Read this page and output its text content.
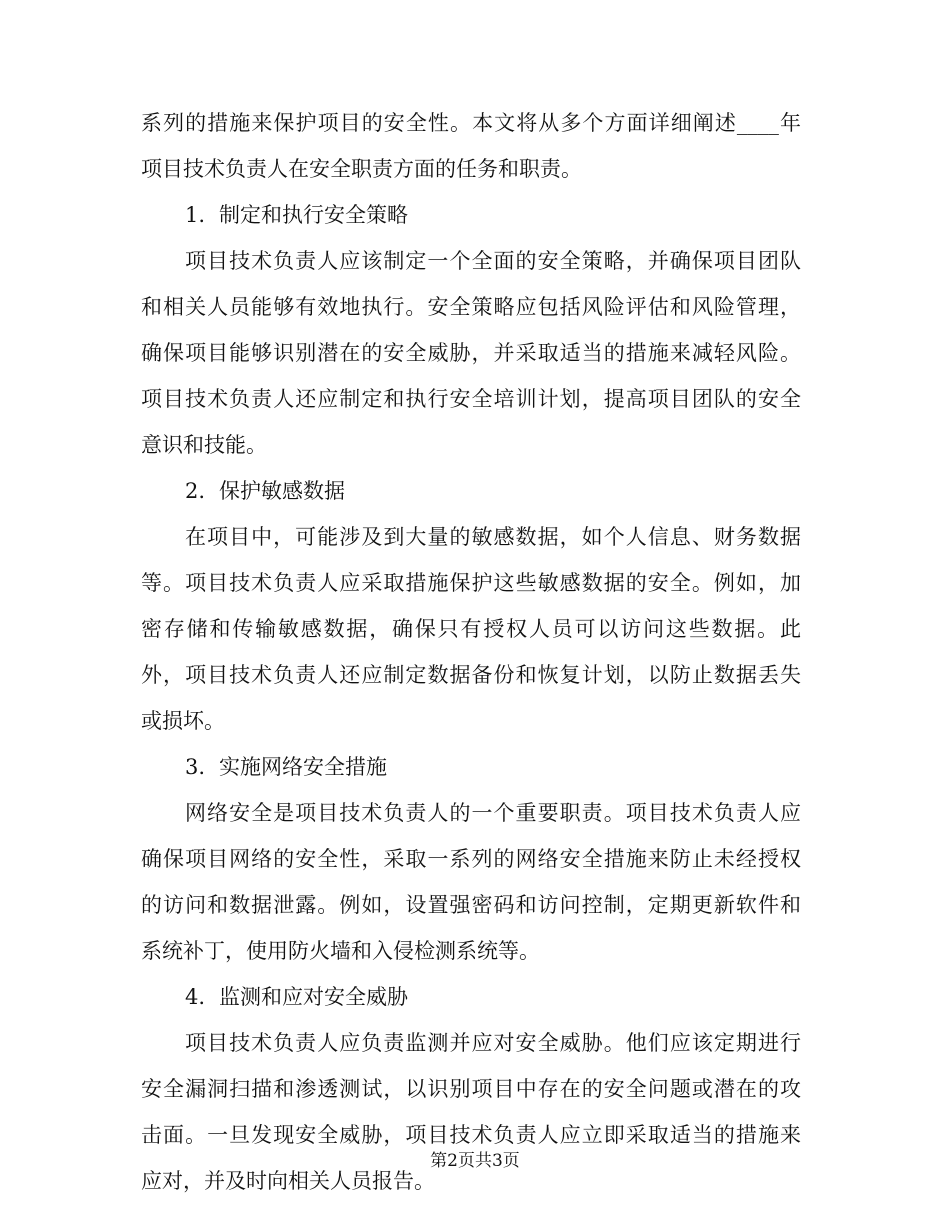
系列的措施来保护项目的安全性。本文将从多个方面详细阐述____年
项目技术负责人在安全职责方面的任务和职责。
1. 制定和执行安全策略
项目技术负责人应该制定一个全面的安全策略，并确保项目团队
和相关人员能够有效地执行。安全策略应包括风险评估和风险管理，
确保项目能够识别潜在的安全威胁，并采取适当的措施来减轻风险。
项目技术负责人还应制定和执行安全培训计划，提高项目团队的安全
意识和技能。
2. 保护敏感数据
在项目中，可能涉及到大量的敏感数据，如个人信息、财务数据
等。项目技术负责人应采取措施保护这些敏感数据的安全。例如，加
密存储和传输敏感数据，确保只有授权人员可以访问这些数据。此
外，项目技术负责人还应制定数据备份和恢复计划，以防止数据丢失
或损坏。
3. 实施网络安全措施
网络安全是项目技术负责人的一个重要职责。项目技术负责人应
确保项目网络的安全性，采取一系列的网络安全措施来防止未经授权
的访问和数据泄露。例如，设置强密码和访问控制，定期更新软件和
系统补丁，使用防火墙和入侵检测系统等。
4. 监测和应对安全威胁
项目技术负责人应负责监测并应对安全威胁。他们应该定期进行
安全漏洞扫描和渗透测试，以识别项目中存在的安全问题或潜在的攻
击面。一旦发现安全威胁，项目技术负责人应立即采取适当的措施来
应对，并及时向相关人员报告。
第2页共3页
